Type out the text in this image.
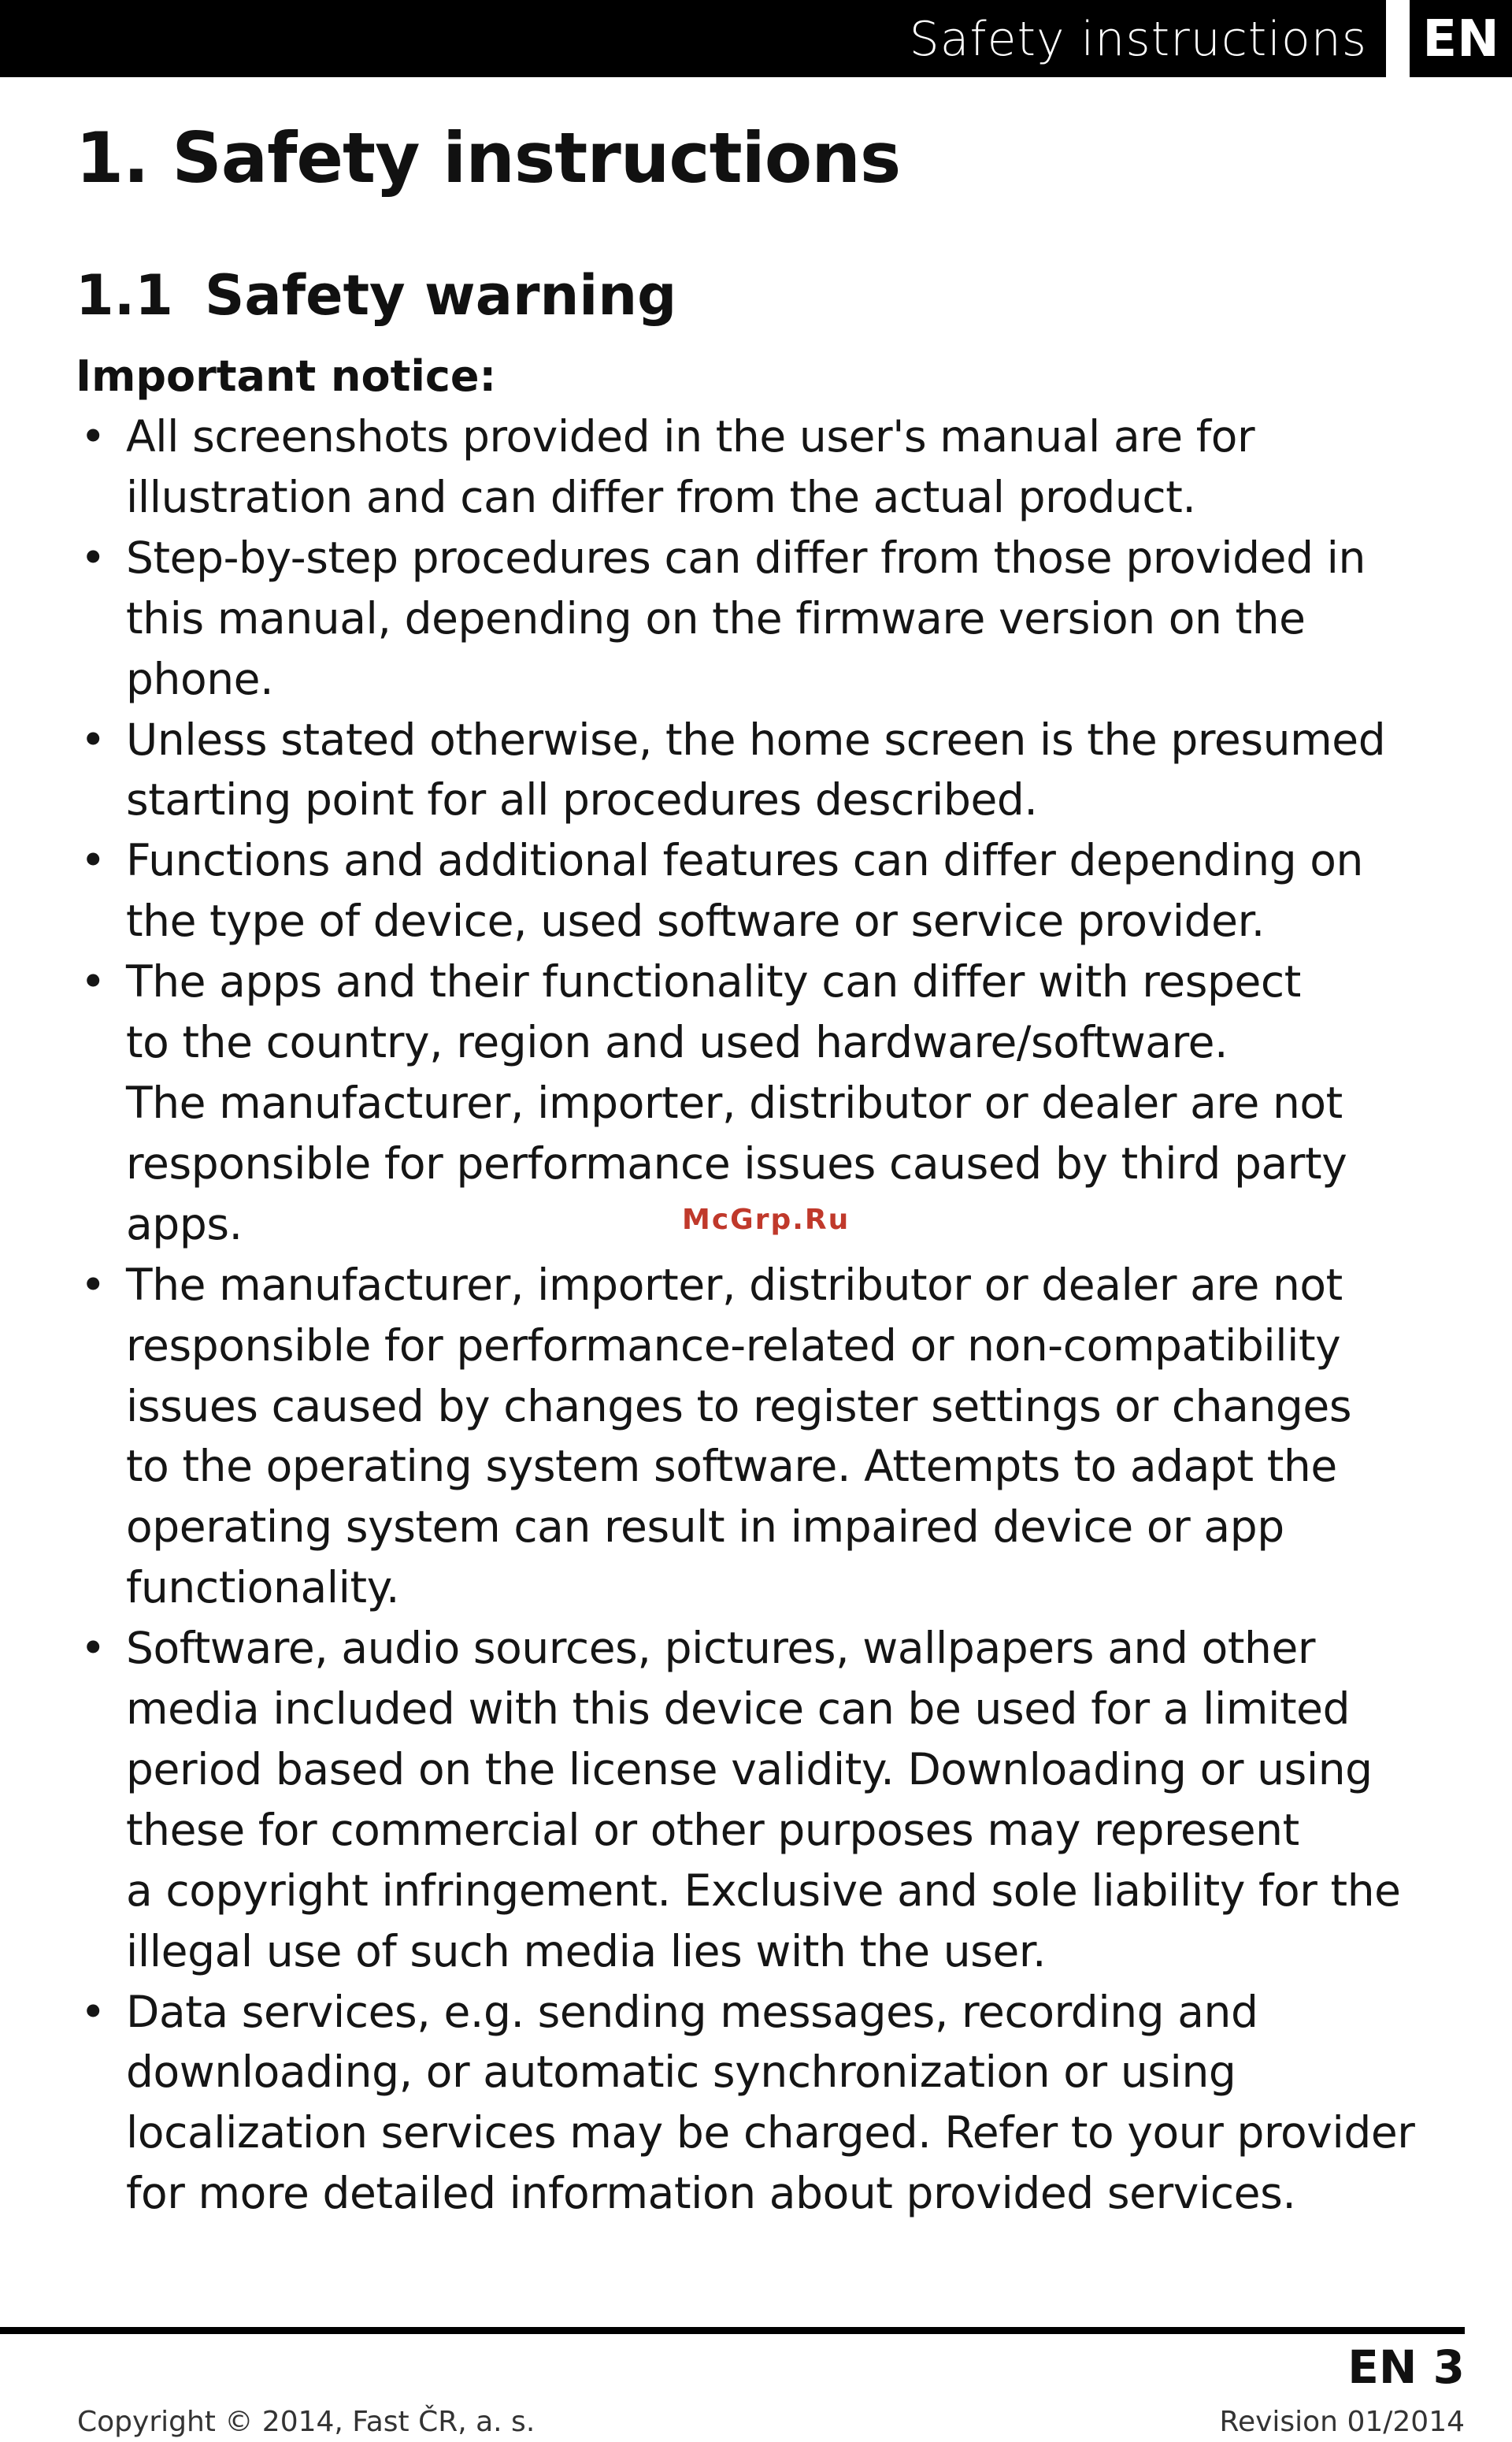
Safety instructions EN
1. Safety instructions
1.1 Safety warning
Important notice:
• All screenshots provided in the user's manual are for
illustration and can differ from the actual product.
• Step-by-step procedures can differ from those provided in
this manual, depending on the firmware version on the
phone.
• Unless stated otherwise, the home screen is the presumed
starting point for all procedures described.
• Functions and additional features can differ depending on
the type of device, used software or service provider.
• The apps and their functionality can differ with respect
to the country, region and used hardware/software.
The manufacturer, importer, distributor or dealer are not
responsible for performance issues caused by third party
apps.
• The manufacturer, importer, distributor or dealer are not
responsible for performance-related or non-compatibility
issues caused by changes to register settings or changes
to the operating system software. Attempts to adapt the
operating system can result in impaired device or app
functionality.
• Software, audio sources, pictures, wallpapers and other
media included with this device can be used for a limited
period based on the license validity. Downloading or using
these for commercial or other purposes may represent
a copyright infringement. Exclusive and sole liability for the
illegal use of such media lies with the user.
• Data services, e.g. sending messages, recording and
downloading, or automatic synchronization or using
localization services may be charged. Refer to your provider
for more detailed information about provided services.
McGrp.Ru
EN 3
Copyright © 2014, Fast ČR, a. s.	Revision 01/2014
